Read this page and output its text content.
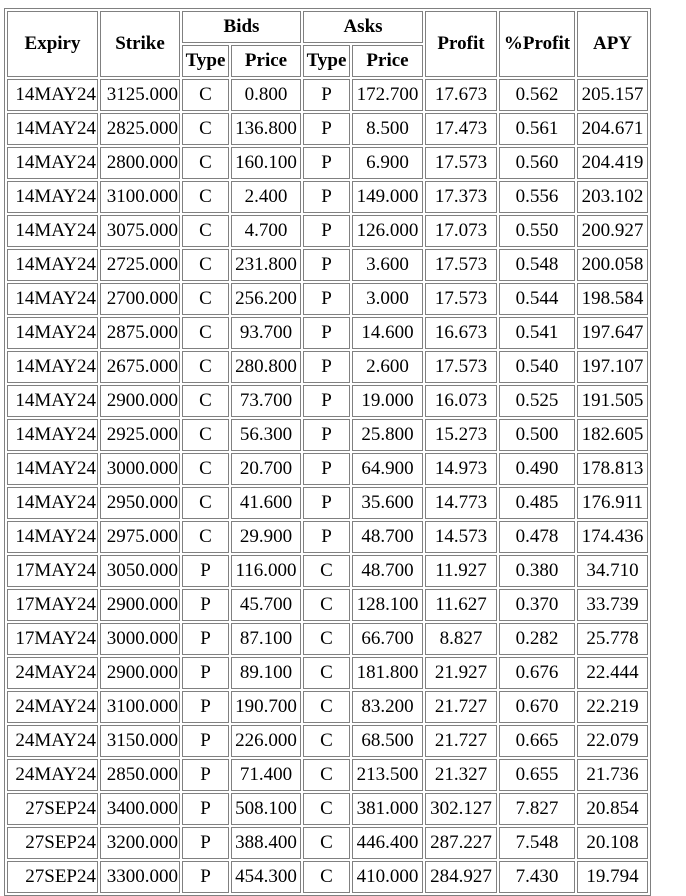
Expiry	Strike	Bids		Asks		Profit	%Profit	APY
		Type	Price	Type	Price			
14MAY24	3125.000	C	0.800	P	172.700	17.673	0.562	205.157
14MAY24	2825.000	C	136.800	P	8.500	17.473	0.561	204.671
14MAY24	2800.000	C	160.100	P	6.900	17.573	0.560	204.419
14MAY24	3100.000	C	2.400	P	149.000	17.373	0.556	203.102
14MAY24	3075.000	C	4.700	P	126.000	17.073	0.550	200.927
14MAY24	2725.000	C	231.800	P	3.600	17.573	0.548	200.058
14MAY24	2700.000	C	256.200	P	3.000	17.573	0.544	198.584
14MAY24	2875.000	C	93.700	P	14.600	16.673	0.541	197.647
14MAY24	2675.000	C	280.800	P	2.600	17.573	0.540	197.107
14MAY24	2900.000	C	73.700	P	19.000	16.073	0.525	191.505
14MAY24	2925.000	C	56.300	P	25.800	15.273	0.500	182.605
14MAY24	3000.000	C	20.700	P	64.900	14.973	0.490	178.813
14MAY24	2950.000	C	41.600	P	35.600	14.773	0.485	176.911
14MAY24	2975.000	C	29.900	P	48.700	14.573	0.478	174.436
17MAY24	3050.000	P	116.000	C	48.700	11.927	0.380	34.710
17MAY24	2900.000	P	45.700	C	128.100	11.627	0.370	33.739
17MAY24	3000.000	P	87.100	C	66.700	8.827	0.282	25.778
24MAY24	2900.000	P	89.100	C	181.800	21.927	0.676	22.444
24MAY24	3100.000	P	190.700	C	83.200	21.727	0.670	22.219
24MAY24	3150.000	P	226.000	C	68.500	21.727	0.665	22.079
24MAY24	2850.000	P	71.400	C	213.500	21.327	0.655	21.736
27SEP24	3400.000	P	508.100	C	381.000	302.127	7.827	20.854
27SEP24	3200.000	P	388.400	C	446.400	287.227	7.548	20.108
27SEP24	3300.000	P	454.300	C	410.000	284.927	7.430	19.794
